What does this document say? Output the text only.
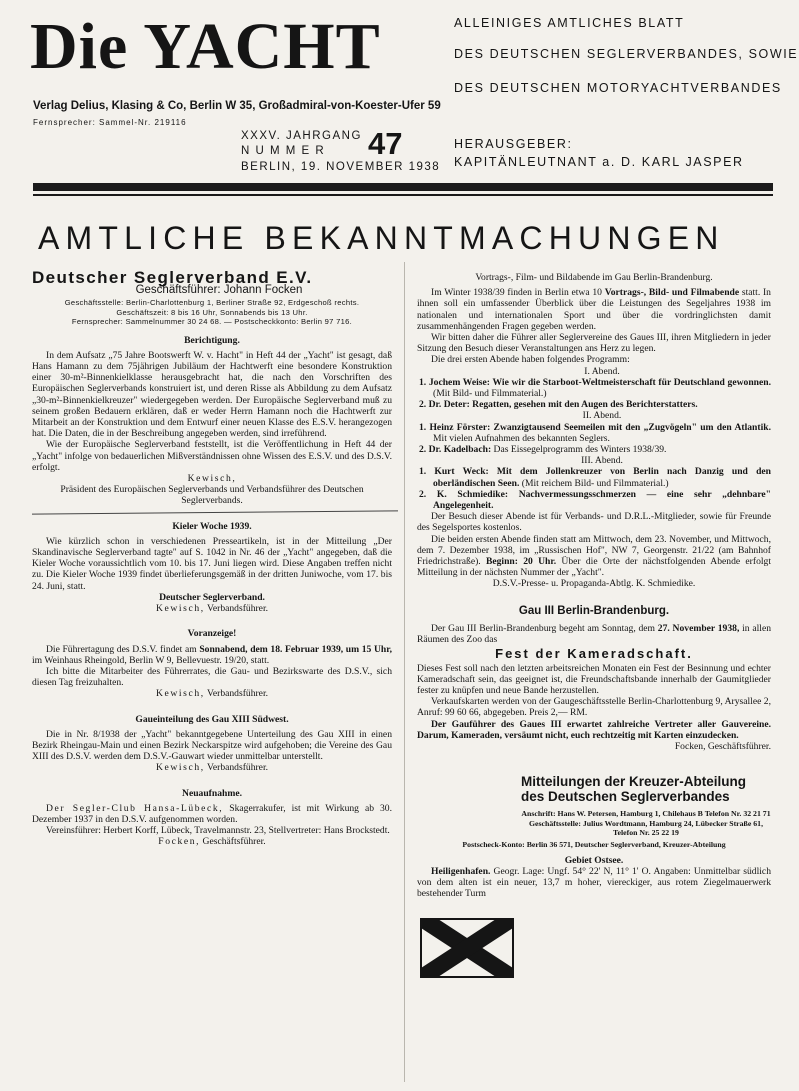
Die YACHT	ALLEINIGES AMTLICHES BLATT
DES DEUTSCHEN SEGLERVERBANDES, SOWIE
DES DEUTSCHEN MOTORYACHTVERBANDES
Verlag Delius, Klasing & Co, Berlin W 35, Großadmiral-von-Koester-Ufer 59
Fernsprecher: Sammel-Nr. 219116
XXXV. JAHRGANG
N U M M E R 47
BERLIN, 19. NOVEMBER 1938
HERAUSGEBER:
KAPITÄNLEUTNANT a. D. KARL JASPER
AMTLICHE BEKANNTMACHUNGEN

Deutscher Seglerverband E.V.

Geschäftsführer: Johann Focken

Geschäftsstelle: Berlin-Charlottenburg 1, Berliner Straße 92, Erdgeschoß rechts.

Geschäftszeit: 8 bis 16 Uhr, Sonnabends bis 13 Uhr.

Fernsprecher: Sammelnummer 30 24 68. — Postscheckkonto: Berlin 97 716.

Berichtigung.

In dem Aufsatz „75 Jahre Bootswerft W. v. Hacht" in Heft 44 der „Yacht" ist gesagt, daß Hans Hamann zu dem 75jährigen Jubiläum der Hachtwerft eine besondere Konstruktion einer 30-m²-Binnenkielklasse herausgebracht hat, die nach den Vorschriften des Europäischen Seglerverbands konstruiert ist, und deren Risse als Abbildung zu dem Aufsatz „30-m²-Binnenkielkreuzer" wiedergegeben werden. Der Europäische Seglerverband muß zu seinem großen Bedauern erklären, daß er weder Herrn Hamann noch die Hachtwerft zur Mitarbeit an der Konstruktion und dem Entwurf einer neuen Klasse des E.S.V. herangezogen hat. Die Daten, die in der Beschreibung angegeben werden, sind irreführend.

Wie der Europäische Seglerverband feststellt, ist die Veröffentlichung in Heft 44 der „Yacht" infolge von bedauerlichen Mißverständnissen ohne Wissen des E.S.V. und des D.S.V. erfolgt.

Kewisch,

Präsident des Europäischen Seglerverbands und Verbandsführer des Deutschen Seglerverbands.

Kieler Woche 1939.

Wie kürzlich schon in verschiedenen Presseartikeln, ist in der Mitteilung „Der Skandinavische Seglerverband tagte" auf S. 1042 in Nr. 46 der „Yacht" angegeben, daß die Kieler Woche voraussichtlich vom 10. bis 17. Juni liegen wird. Diese Angaben treffen nicht zu. Die Kieler Woche 1939 findet überlieferungsgemäß in der dritten Juniwoche, vom 17. bis 24. Juni, statt.

Deutscher Seglerverband.

Kewisch, Verbandsführer.

Voranzeige!

Die Führertagung des D.S.V. findet am Sonnabend, dem 18. Februar 1939, um 15 Uhr, im Weinhaus Rheingold, Berlin W 9, Bellevuestr. 19/20, statt.

Ich bitte die Mitarbeiter des Führerrates, die Gau- und Bezirkswarte des D.S.V., sich diesen Tag freizuhalten.

Kewisch, Verbandsführer.

Gaueinteilung des Gau XIII Südwest.

Die in Nr. 8/1938 der „Yacht" bekanntgegebene Unterteilung des Gau XIII in einen Bezirk Rheingau-Main und einen Bezirk Neckarspitze wird aufgehoben; die Vereine des Gau XIII des D.S.V. werden dem D.S.V.-Gauwart wieder unmittelbar unterstellt.

Kewisch, Verbandsführer.

Neuaufnahme.

Der Segler-Club Hansa-Lübeck, Skagerrakufer, ist mit Wirkung ab 30. Dezember 1937 in den D.S.V. aufgenommen worden.

Vereinsführer: Herbert Korff, Lübeck, Travelmannstr. 23, Stellvertreter: Hans Brockstedt.

Focken, Geschäftsführer.

Vortrags-, Film- und Bildabende im Gau Berlin-Brandenburg.

Im Winter 1938/39 finden in Berlin etwa 10 Vortrags-, Bild- und Filmabende statt. In ihnen soll ein umfassender Überblick über die Leistungen des Segeljahres 1938 im nationalen und internationalen Sport und über die vordringlichsten damit zusammenhängenden Fragen gegeben werden.

Wir bitten daher die Führer aller Seglervereine des Gaues III, ihren Mitgliedern in jeder Sitzung den Besuch dieser Veranstaltungen ans Herz zu legen.

Die drei ersten Abende haben folgendes Programm:

I. Abend.

1. Jochem Weise: Wie wir die Starboot-Weltmeisterschaft für Deutschland gewonnen. (Mit Bild- und Filmmaterial.)

2. Dr. Deter: Regatten, gesehen mit den Augen des Berichterstatters.

II. Abend.

1. Heinz Förster: Zwanzigtausend Seemeilen mit den „Zugvögeln" um den Atlantik. Mit vielen Aufnahmen des bekannten Seglers.

2. Dr. Kadelbach: Das Eissegelprogramm des Winters 1938/39.

III. Abend.

1. Kurt Weck: Mit dem Jollenkreuzer von Berlin nach Danzig und den oberländischen Seen. (Mit reichem Bild- und Filmmaterial.)

2. K. Schmiedike: Nachvermessungsschmerzen — eine sehr „dehnbare" Angelegenheit.

Der Besuch dieser Abende ist für Verbands- und D.R.L.-Mitglieder, sowie für Freunde des Segelsportes kostenlos.

Die beiden ersten Abende finden statt am Mittwoch, dem 23. November, und Mittwoch, dem 7. Dezember 1938, im „Russischen Hof", NW 7, Georgenstr. 21/22 (am Bahnhof Friedrichstraße). Beginn: 20 Uhr. Über die Orte der nächstfolgenden Abende erfolgt Mitteilung in der nächsten Nummer der „Yacht".

D.S.V.-Presse- u. Propaganda-Abtlg. K. Schmiedike.

Gau III Berlin-Brandenburg.

Der Gau III Berlin-Brandenburg begeht am Sonntag, dem 27. November 1938, in allen Räumen des Zoo das

Fest der Kameradschaft.

Dieses Fest soll nach den letzten arbeitsreichen Monaten ein Fest der Besinnung und echter Kameradschaft sein, das geeignet ist, die Freundschaftsbande innerhalb der Gaumitglieder fester zu knüpfen und neue Bande herzustellen.

Verkaufskarten werden von der Gaugeschäftsstelle Berlin-Charlottenburg 9, Arysallee 2, Anruf: 99 60 66, abgegeben. Preis 2,— RM.

Der Gauführer des Gaues III erwartet zahlreiche Vertreter aller Gauvereine. Darum, Kameraden, versäumt nicht, euch rechtzeitig mit Karten einzudecken.

Focken, Geschäftsführer.

Mitteilungen der Kreuzer-Abteilung

des Deutschen Seglerverbandes

Anschrift: Hans W. Petersen, Hamburg 1, Chilehaus B Telefon Nr. 32 21 71

Geschäftsstelle: Julius Wordtmann, Hamburg 24, Lübecker Straße 61, Telefon Nr. 25 22 19

Postscheck-Konto: Berlin 36 571, Deutscher Seglerverband, Kreuzer-Abteilung

Gebiet Ostsee.

Heiligenhafen. Geogr. Lage: Ungf. 54° 22' N, 11° 1' O. Angaben: Unmittelbar südlich von dem alten ist ein neuer, 13,7 m hoher, viereckiger, aus rotem Ziegelmauerwerk bestehender Turm
